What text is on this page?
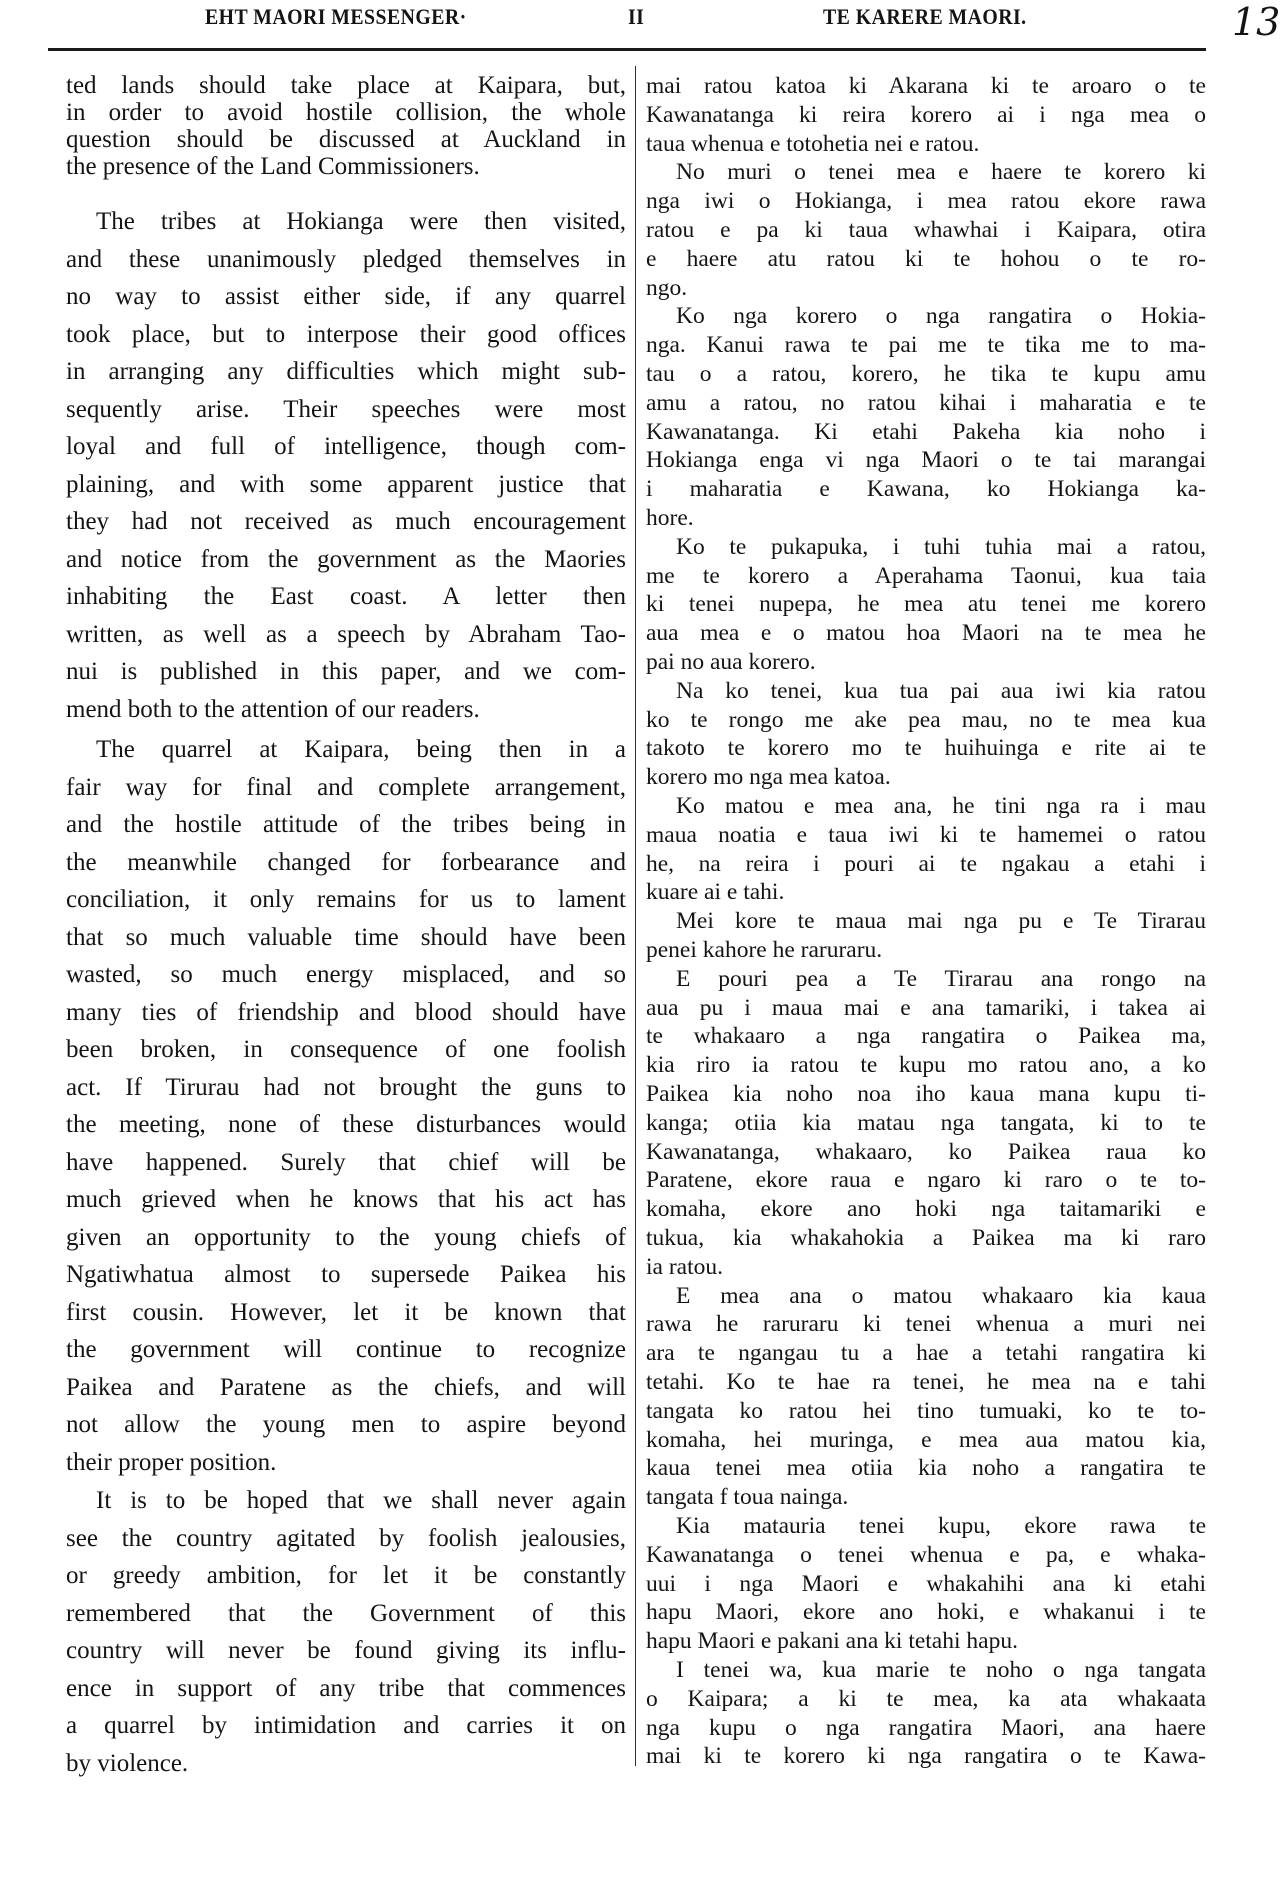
EHT MAORI MESSENGER·	II	TE KARERE MAORI.	13
ted lands should take place at Kaipara, but,
in order to avoid hostile collision, the whole
question should be discussed at Auckland in
the presence of the Land Commissioners.
The tribes at Hokianga were then visited,
and these unanimously pledged themselves in
no way to assist either side, if any quarrel
took place, but to interpose their good offices
in arranging any difficulties which might sub-
sequently arise. Their speeches were most
loyal and full of intelligence, though com-
plaining, and with some apparent justice that
they had not received as much encouragement
and notice from the government as the Maories
inhabiting the East coast. A letter then
written, as well as a speech by Abraham Tao-
nui is published in this paper, and we com-
mend both to the attention of our readers.
The quarrel at Kaipara, being then in a
fair way for final and complete arrangement,
and the hostile attitude of the tribes being in
the meanwhile changed for forbearance and
conciliation, it only remains for us to lament
that so much valuable time should have been
wasted, so much energy misplaced, and so
many ties of friendship and blood should have
been broken, in consequence of one foolish
act. If Tirurau had not brought the guns to
the meeting, none of these disturbances would
have happened. Surely that chief will be
much grieved when he knows that his act has
given an opportunity to the young chiefs of
Ngatiwhatua almost to supersede Paikea his
first cousin. However, let it be known that
the government will continue to recognize
Paikea and Paratene as the chiefs, and will
not allow the young men to aspire beyond
their proper position.
It is to be hoped that we shall never again
see the country agitated by foolish jealousies,
or greedy ambition, for let it be constantly
remembered that the Government of this
country will never be found giving its influ-
ence in support of any tribe that commences
a quarrel by intimidation and carries it on
by violence.
mai ratou katoa ki Akarana ki te aroaro o te
Kawanatanga ki reira korero ai i nga mea o
taua whenua e totohetia nei e ratou.
No muri o tenei mea e haere te korero ki
nga iwi o Hokianga, i mea ratou ekore rawa
ratou e pa ki taua whawhai i Kaipara, otira
e haere atu ratou ki te hohou o te ro-
ngo.
Ko nga korero o nga rangatira o Hokia-
nga. Kanui rawa te pai me te tika me to ma-
tau o a ratou, korero, he tika te kupu amu
amu a ratou, no ratou kihai i maharatia e te
Kawanatanga. Ki etahi Pakeha kia noho i
Hokianga enga vi nga Maori o te tai marangai
i maharatia e Kawana, ko Hokianga ka-
hore.
Ko te pukapuka, i tuhi tuhia mai a ratou,
me te korero a Aperahama Taonui, kua taia
ki tenei nupepa, he mea atu tenei me korero
aua mea e o matou hoa Maori na te mea he
pai no aua korero.
Na ko tenei, kua tua pai aua iwi kia ratou
ko te rongo me ake pea mau, no te mea kua
takoto te korero mo te huihuinga e rite ai te
korero mo nga mea katoa.
Ko matou e mea ana, he tini nga ra i mau
maua noatia e taua iwi ki te hamemei o ratou
he, na reira i pouri ai te ngakau a etahi i
kuare ai e tahi.
Mei kore te maua mai nga pu e Te Tirarau
penei kahore he raruraru.
E pouri pea a Te Tirarau ana rongo na
aua pu i maua mai e ana tamariki, i takea ai
te whakaaro a nga rangatira o Paikea ma,
kia riro ia ratou te kupu mo ratou ano, a ko
Paikea kia noho noa iho kaua mana kupu ti-
kanga; otiia kia matau nga tangata, ki to te
Kawanatanga, whakaaro, ko Paikea raua ko
Paratene, ekore raua e ngaro ki raro o te to-
komaha, ekore ano hoki nga taitamariki e
tukua, kia whakahokia a Paikea ma ki raro
ia ratou.
E mea ana o matou whakaaro kia kaua
rawa he raruraru ki tenei whenua a muri nei
ara te ngangau tu a hae a tetahi rangatira ki
tetahi. Ko te hae ra tenei, he mea na e tahi
tangata ko ratou hei tino tumuaki, ko te to-
komaha, hei muringa, e mea aua matou kia,
kaua tenei mea otiia kia noho a rangatira te
tangata f toua nainga.
Kia matauria tenei kupu, ekore rawa te
Kawanatanga o tenei whenua e pa, e whaka-
uui i nga Maori e whakahihi ana ki etahi
hapu Maori, ekore ano hoki, e whakanui i te
hapu Maori e pakani ana ki tetahi hapu.
I tenei wa, kua marie te noho o nga tangata
o Kaipara; a ki te mea, ka ata whakaata
nga kupu o nga rangatira Maori, ana haere
mai ki te korero ki nga rangatira o te Kawa-
